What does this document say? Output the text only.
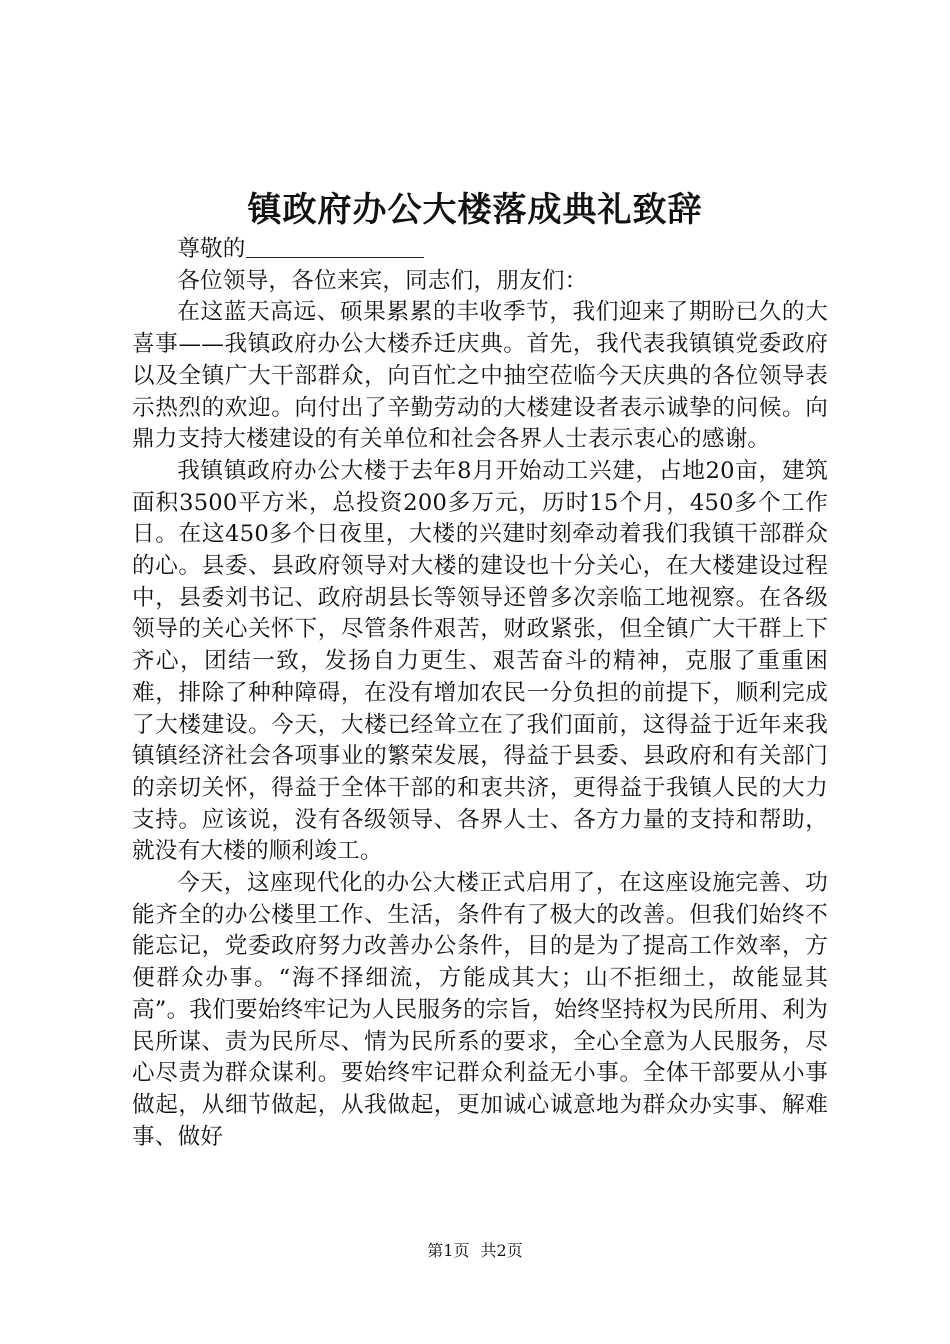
镇政府办公大楼落成典礼致辞

尊敬的

各位领导，各位来宾，同志们，朋友们：

在这蓝天高远、硕果累累的丰收季节，我们迎来了期盼已久的大喜事——我镇政府办公大楼乔迁庆典。首先，我代表我镇镇党委政府以及全镇广大干部群众，向百忙之中抽空莅临今天庆典的各位领导表示热烈的欢迎。向付出了辛勤劳动的大楼建设者表示诚挚的问候。向鼎力支持大楼建设的有关单位和社会各界人士表示衷心的感谢。

我镇镇政府办公大楼于去年8月开始动工兴建，占地20亩，建筑面积3500平方米，总投资200多万元，历时15个月，450多个工作日。在这450多个日夜里，大楼的兴建时刻牵动着我们我镇干部群众的心。县委、县政府领导对大楼的建设也十分关心，在大楼建设过程中，县委刘书记、政府胡县长等领导还曾多次亲临工地视察。在各级领导的关心关怀下，尽管条件艰苦，财政紧张，但全镇广大干群上下齐心，团结一致，发扬自力更生、艰苦奋斗的精神，克服了重重困难，排除了种种障碍，在没有增加农民一分负担的前提下，顺利完成了大楼建设。今天，大楼已经耸立在了我们面前，这得益于近年来我镇镇经济社会各项事业的繁荣发展，得益于县委、县政府和有关部门的亲切关怀，得益于全体干部的和衷共济，更得益于我镇人民的大力支持。应该说，没有各级领导、各界人士、各方力量的支持和帮助，就没有大楼的顺利竣工。

今天，这座现代化的办公大楼正式启用了，在这座设施完善、功能齐全的办公楼里工作、生活，条件有了极大的改善。但我们始终不能忘记，党委政府努力改善办公条件，目的是为了提高工作效率，方便群众办事。“海不择细流，方能成其大；山不拒细土，故能显其高”。我们要始终牢记为人民服务的宗旨，始终坚持权为民所用、利为民所谋、责为民所尽、情为民所系的要求，全心全意为人民服务，尽心尽责为群众谋利。要始终牢记群众利益无小事。全体干部要从小事做起，从细节做起，从我做起，更加诚心诚意地为群众办实事、解难事、做好

第1页 共2页
